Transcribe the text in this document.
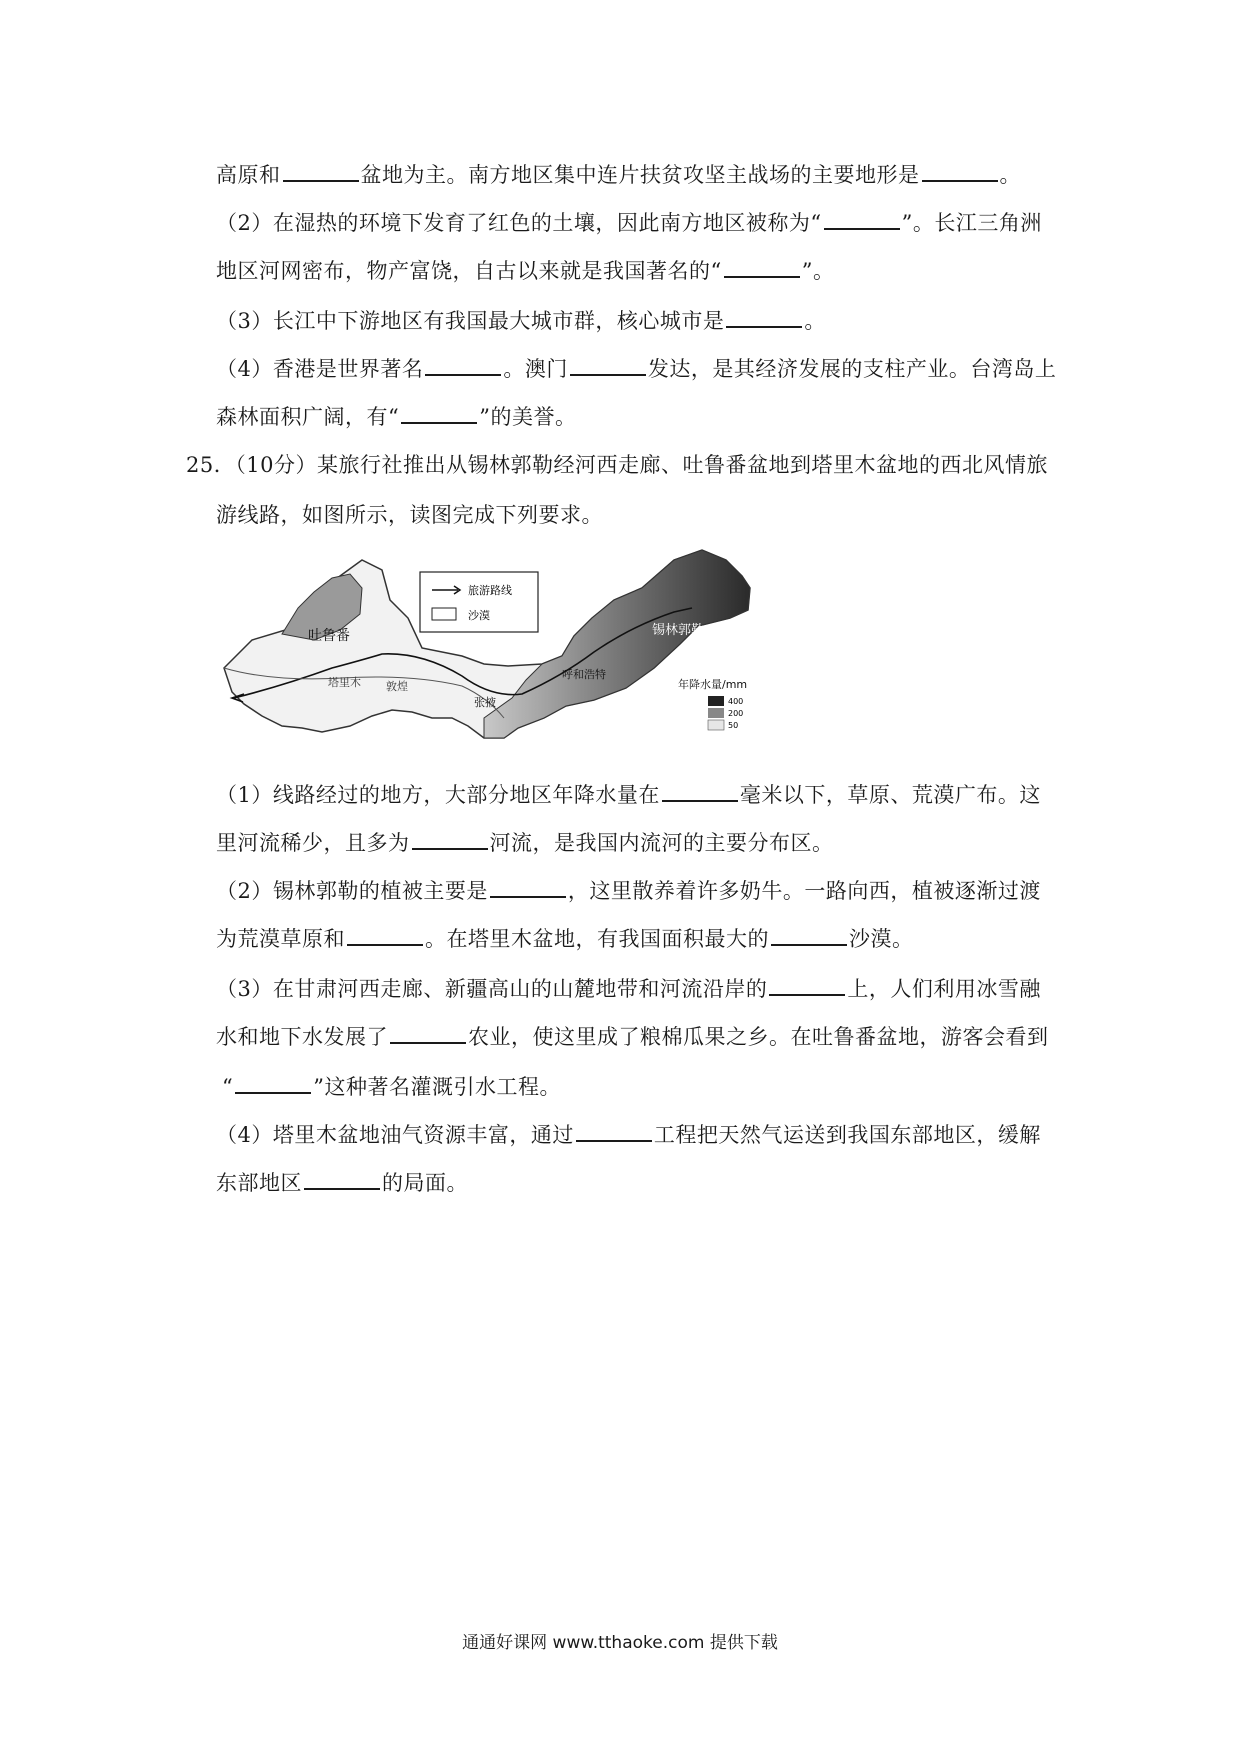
高原和	盆地为主。南方地区集中连片扶贫攻坚主战场的主要地形是	。
（2）在湿热的环境下发育了红色的土壤，因此南方地区被称为“	”。长江三角洲
地区河网密布，物产富饶，自古以来就是我国著名的“	”。
（3）长江中下游地区有我国最大城市群，核心城市是	。
（4）香港是世界著名	。澳门	发达，是其经济发展的支柱产业。台湾岛上
森林面积广阔，有“	”的美誉。
25．（10分）某旅行社推出从锡林郭勒经河西走廊、吐鲁番盆地到塔里木盆地的西北风情旅
游线路，如图所示，读图完成下列要求。
旅游路线
沙漠
吐鲁番
塔里木 敦煌
张掖
呼和浩特
锡林郭勒
年降水量/mm
400
200
50
（1）线路经过的地方，大部分地区年降水量在	毫米以下，草原、荒漠广布。这
里河流稀少，且多为	河流，是我国内流河的主要分布区。
（2）锡林郭勒的植被主要是	，这里散养着许多奶牛。一路向西，植被逐渐过渡
为荒漠草原和	。在塔里木盆地，有我国面积最大的	沙漠。
（3）在甘肃河西走廊、新疆高山的山麓地带和河流沿岸的	上，人们利用冰雪融
水和地下水发展了	农业，使这里成了粮棉瓜果之乡。在吐鲁番盆地，游客会看到
“	”这种著名灌溉引水工程。
（4）塔里木盆地油气资源丰富，通过	工程把天然气运送到我国东部地区，缓解
东部地区	的局面。
通通好课网 www.tthaoke.com 提供下载
